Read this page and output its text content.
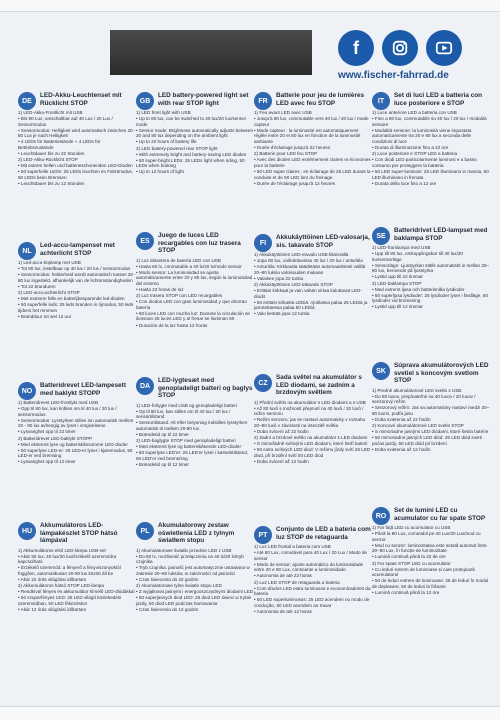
f
www.fischer-fahrrad.de
DE
LED-Akku-Leuchtenset mit Rücklicht STOP

1) LED-Akku-Frontlicht mit USB

• Bis 80 Lux, umschaltbar auf 40 Lux / 20 Lux / Sensormodus

• Sensormodus: Helligkeit wird automatisch zwischen 20 - 80 Lux je nach Helligkeit

• 4 LEDs für Batteriestände + 4 LEDs für Betriebszustände

• Leuchtdauer bis zu 22 Stunden

2) LED-Akku-Rücklicht STOP

• Mit extrem hellen und batterieschonenden LED-Dioden

• 50 superhelle LEDs: 25 LEDs leuchten im Fahrtmodus, 50 LEDs beim Bremsen

• Leuchtdauer bis zu 12 Stunden

NL
Led-accu-lampenset met achterlicht STOP

1) Led-accu-koplamp met USB

• Tot 80 lux, instelbaar op 40 lux / 20 lux / sensormodus

• Sensormodus: helderheid wordt automatisch tussen 20 - 80 lux ingesteld, afhankelijk van de lichtomstandigheden

• Tot 22 branduren

2) LED-accu-achterlicht STOP

• Met extreem felle en batterijbesparende led-dioden

• 50 superfelle leds: 25 leds branden in rijmodus, 50 leds tijdens het remmen

• Brandduur tot wel 12 uur

NO
Batteridrevet LED-lampesett med baklykt STOPP

1) Batteridrevet LED-frontlykt med USB

• Opp til 80 lux, kan kobles om til 40 lux / 20 lux / sensormodus

• Sensormodus: Lysstyrken stilles inn automatisk mellom 20 - 80 lux avhengig av lyset i omgivelsene

• Lysvarighet opp til 22 timer

2) Batteridrevet LED-baklykt STOPP

• Med ekstremt lyse og batteriskånsomme LED-dioder

• 50 superlyse LED-er: 25 LED-er lyser i kjøremodus, 50 LED-er ved bremsing

• Lysvarighet opp til 12 timer

HU
Akkumulátoros LED-lámpakészlet STOP hátsó lámpával

1) Akkumulátoros első LED-lámpa USB-vel

• Akár 80 lux; 40 lux/20 lux/érzékelő üzemmódra kapcsolható

• Érzékelő üzemmód: a fényerő a fényviszonyoktól függően, automatikusan 20-80 lux között áll be

• Akár 22 órás világítási időtartam

2) Akkumulátoros hátsó STOP LED-lámpa

• Rendkívül fényes és akkumulátor kímélő LED-diódákkal

• 50 szuperfényes LED: 25 LED világít közlekedési üzemmódban, 50 LED fékezéskor

• Akár 12 órás világítási időtartam

GB
LED battery-powered light set with rear STOP light

1) LED front light with USB

• Up to 80 lux, can be switched to 40 lux/20 lux/sensor mode

• Sensor mode: Brightness automatically adjusts between 20 and 80 lux depending on the ambient light

• Up to 22 hours of battery life

2) LED battery-powered rear STOP light

• With extremely bright and battery-saving LED diodes

• 50 super-bright LEDs: 25 LEDs light when riding, 50 LEDs when braking

• Up to 12 hours of light

ES
Juego de luces LED recargables con luz trasera STOP

1) Luz delantera de batería LED con USB

• Hasta 80 lx, conmutable a 40 lx/20 lx/modo sensor

• Modo sensor: La luminosidad se ajusta automáticamente entre 20 y 80 lux, según la luminosidad del entorno

• Hasta 22 horas de luz

2) Luz trasera STOP con LED recargables

• Con diodos LED con gran luminosidad y que ahorran batería

• 50 luces LED con mucha luz: Durante la circulación se iluminan 25 luces LED y al frenar se iluminan 50

• Duración de la luz hasta 12 horas

DA
LED-lygtesæt med genopladeligt batteri og baglys STOP

1) LED-forlygte med USB og genopladeligt batteri

• Op til 80 lux, kan stilles om til 40 lux / 20 lux / sensortilstand

• Sensortilstand: Alt efter belysning indstilles lysstyrken automatisk til mellem 20-80 lux

• Brændetid op til 22 timer

2) LED-baglygte STOP med genopladeligt batteri

• Med ekstremt lyse og batteriskånende LED-dioder

• 50 superlyse LED'er: 25 LED'er lyser i kørselstilstand, 50 LED'er ved bremsning

• Brændetid op til 12 timer

PL
Akumulatorowy zestaw oświetlenia LED z tylnym światłem stopu

1) Akumulatorowe światło przednie LED z USB

• Do 80 lx, możliwość przełączenia na 40 lx/20 lx/tryb czujnika

• Tryb czujnika: jasność jest automatycznie ustawiana w zakresie 20–80 luksów, w zależności od jasności

• Czas świecenia do 22 godzin

2) Akumulatorowe tylne światło stopu LED

• Z wyjątkowo jasnymi i energooszczędnymi diodami LED

• 50 superjasnych diod LED: 25 diod LED świeci w trybie jazdy, 50 diod LED podczas hamowania

• Czas świecenia do 12 godzin

FR
Batterie pour jeu de lumières LED avec feu STOP

1) Feu avant LED avec USB

• Jusqu'à 80 lux, commutable vers 40 lux / 20 lux / mode capteur

• Mode capteur : la luminosité est automatiquement réglée entre 20 et 80 lux en fonction de la luminosité ambiante

• Durée d'éclairage jusqu'à 22 heures

2) Batterie pour LED feu STOP

• Avec des diodes LED extrêmement claires et économes pour la batterie

• 50 LED super claires : en éclairage de 25 LED durant la conduite et de 50 LED lors du freinage

• Durée de l'éclairage jusqu'à 12 heures

FI
Akkukäyttöinen LED-valosarja, sis. takavalo STOP

1) Akkukäyttöinen LED-etuvalo USB-liitännällä

• Jopa 80 lux, vaihdettavissa 40 lux / 20 lux / anturitila

• Anturitila: Kirkkautta säädetään automaattisesti välillä 20–80 luksia valoisuuden mukaan

• Valaisee jopa 22 tuntia

2) Akkukäyttöinen LED-takavalo STOP

• Erittäin kirkkaat ja vain vähän virtaa kuluttavat LED-diodit

• 50 erittäin kirkasta LEDiä: Ajotilassa palaa 25 LEDiä ja jarrutettaessa palaa 50 LEDiä

• Valo kestää jopa 12 tuntia

CZ
Sada světel na akumulátor s LED diodami, se zadním a brzdovým světlem

1) Přední světlo na akumulátor s LED diodami a s USB

• Až 80 luxů s možností přepnutí na 40 luxů / 20 luxů / režim senzoru

• Režim senzoru: jas se nastaví automaticky v rozsahu 20–80 luxů v závislosti na intenzitě světla

• Doba svícení až 22 hodin

2) Zadní a brzdové světlo na akumulátor s LED diodami

• S mimořádně svítivými LED diodami, které šetří baterii

• 50 extra svítivých LED diod: V režimu jízdy svítí 25 LED diod, při brzdění svítí 50 LED diod

• Doba svícení až 12 hodin

PT
Conjunto de LED a bateria com luz STOP de retaguarda

1) Luz LED frontal a bateria com USB

• Até 80 Lux, comutável para 40 Lux / 20 Lux / Modo de sensor

• Modo de sensor: ajuste automático da luminosidade entre 20 e 80 Lux, consoante a luminosidade

• Autonomia de até 22 horas

2) Luz LED STOP de retaguarda a bateria

• Com díodos LED extra luminosos e economizadores da bateria

• 50 LED superluminosos: 25 LED acendem no modo de condução, 50 LED acendem ao travar

• Autonomia de até 12 horas

IT
Set di luci LED a batteria con luce posteriore e STOP

1) Luce anteriore LED a batteria con USB

• Fino a 80 lux, commutabile su 40 lux / 20 lux / modalità sensore

• Modalità sensore: la luminosità viene impostata automaticamente tra 20 e 80 lux a seconda delle condizioni di luce

• Durata di illuminazione fino a 22 ore

2) Luce posteriore e STOP LED a batteria

• Con diodi LED particolarmente luminosi e a basso consumo per proteggere la batteria

• 50 LED super-luminosi: 25 LED illuminano in marcia, 50 LED illuminano in frenata

• Durata della luce fino a 12 ore

SE
Batteridrivet LED-lampset med baklampa STOP

1) LED-framlampa med USB

• Upp till 80 lux, omkopplingsbar till 40 lux/20 lux/sensorläge

• Sensorläge: Ljusstyrkan ställs automatiskt in mellan 20–80 lux, beroende på ljusstyrka

• Lystid upp till 22 timmar

2) LED-baklampa STOP

• Med extremt ljusa och batterisnåla lysdioder

• 50 superljusa lysdioder: 25 lysdioder lyser i färdläge, 50 lysdioder vid bromsning

• Lystid upp till 12 timmar

SK
Súprava akumulátorových LED svetiel s koncovým svetlom STOP

1) Predné akumulátorové LED svetlo s USB

• Do 80 luxov, prepínateľné na 40 luxov / 20 luxov / senzorový režim

• Senzorový režim: Jas sa automaticky nastaví medzi 20–80 luxmi, podľa jasu

• Doba svietenia až 22 hodín

2) Koncové akumulátorové LED svetlo STOP

• S mimoriadne jasnými LED diódami, ktoré šetria batérie

• 50 mimoriadne jasných LED diód: 25 LED diód svieti počas jazdy, 50 LED diód pri brzdení

• Doba svietenia až 12 hodín

RO
Set de lumini LED cu acumulator cu far spate STOP

1) Far față LED cu acumulator cu USB

• Până la 80 Lux, comutabil pe 40 Lux/20 Lux/mod cu senzor

• Mod cu senzor: luminozitatea este setată automat între 20–80 Lux, în funcție de luminozitate

• Lumină continuă până la 22 de ore

2) Far spate STOP LED cu acumulator

• Cu leduri extrem de luminoase și care protejează acumulatorul

• 50 de leduri extrem de luminoase: 25 de leduri în modul de deplasare, 50 de leduri la frânare

• Lumină continuă până la 12 ore
